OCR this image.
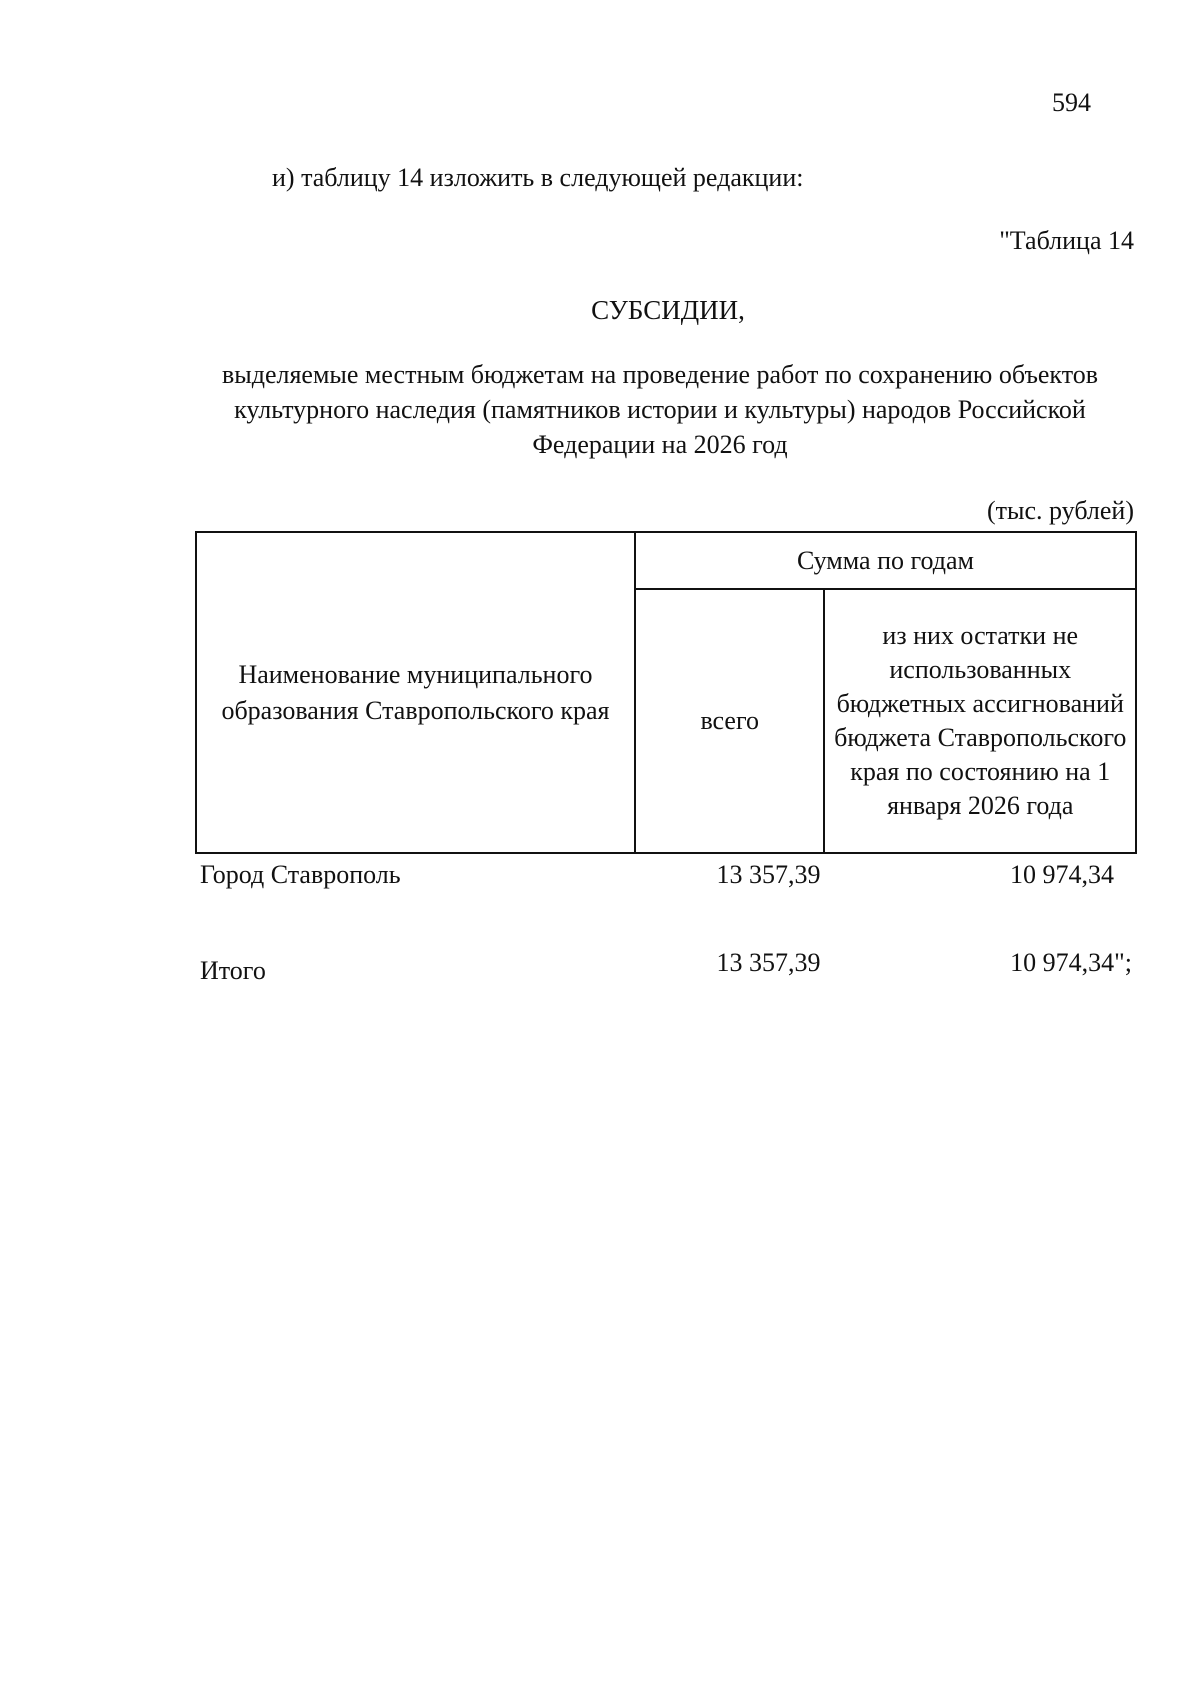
594
и) таблицу 14 изложить в следующей редакции:
"Таблица 14
СУБСИДИИ,
выделяемые местным бюджетам на проведение работ по сохранению объектов культурного наследия (памятников истории и культуры) народов Российской Федерации на 2026 год
(тыс. рублей)
Наименование муниципального образования Ставропольского края	Сумма по годам	
	всего	из них остатки не использованных бюджетных ассигнований бюджета Ставропольского края по состоянию на 1 января 2026 года
Город Ставрополь	13 357,39	10 974,34
Итого	13 357,39	10 974,34";
